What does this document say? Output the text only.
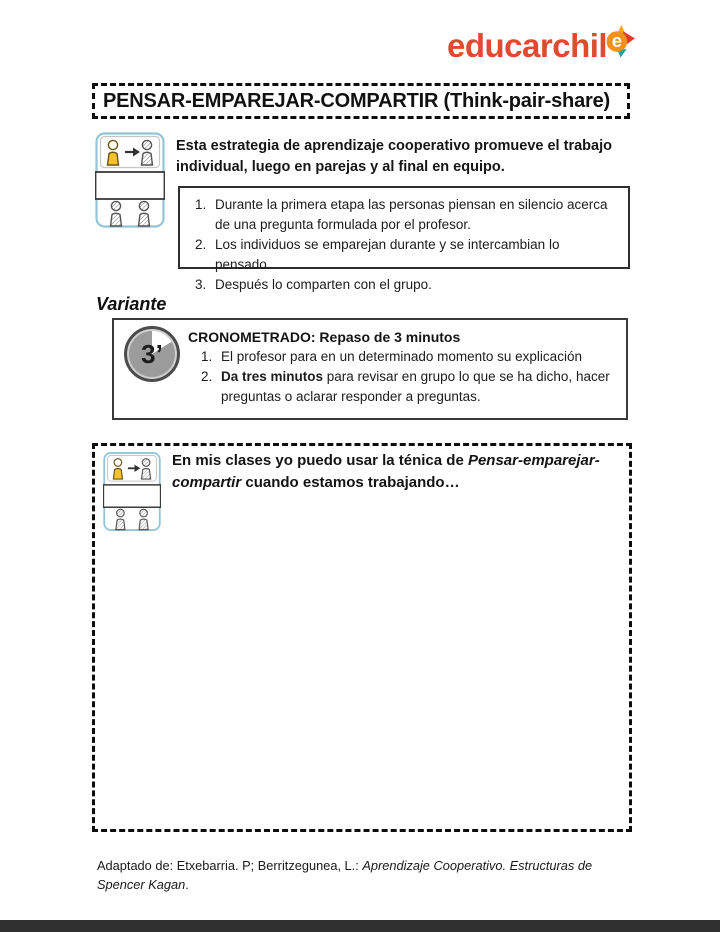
educarchil e
PENSAR-EMPAREJAR-COMPARTIR (Think-pair-share)

Esta estrategia de aprendizaje cooperativo promueve el trabajo individual, luego en parejas y al final en equipo.

1. Durante la primera etapa las personas piensan en silencio acerca de una pregunta formulada por el profesor.
2. Los individuos se emparejan durante y se intercambian lo pensado.
3. Después lo comparten con el grupo.
Variante
3’
CRONOMETRADO: Repaso de 3 minutos
1. El profesor para en un determinado momento su explicación
2. Da tres minutos para revisar en grupo lo que se ha dicho, hacer preguntas o aclarar responder a preguntas.

En mis clases yo puedo usar la ténica de Pensar-emparejar-compartir cuando estamos trabajando…

Adaptado de: Etxebarria. P; Berritzegunea, L.: Aprendizaje Cooperativo. Estructuras de Spencer Kagan.
